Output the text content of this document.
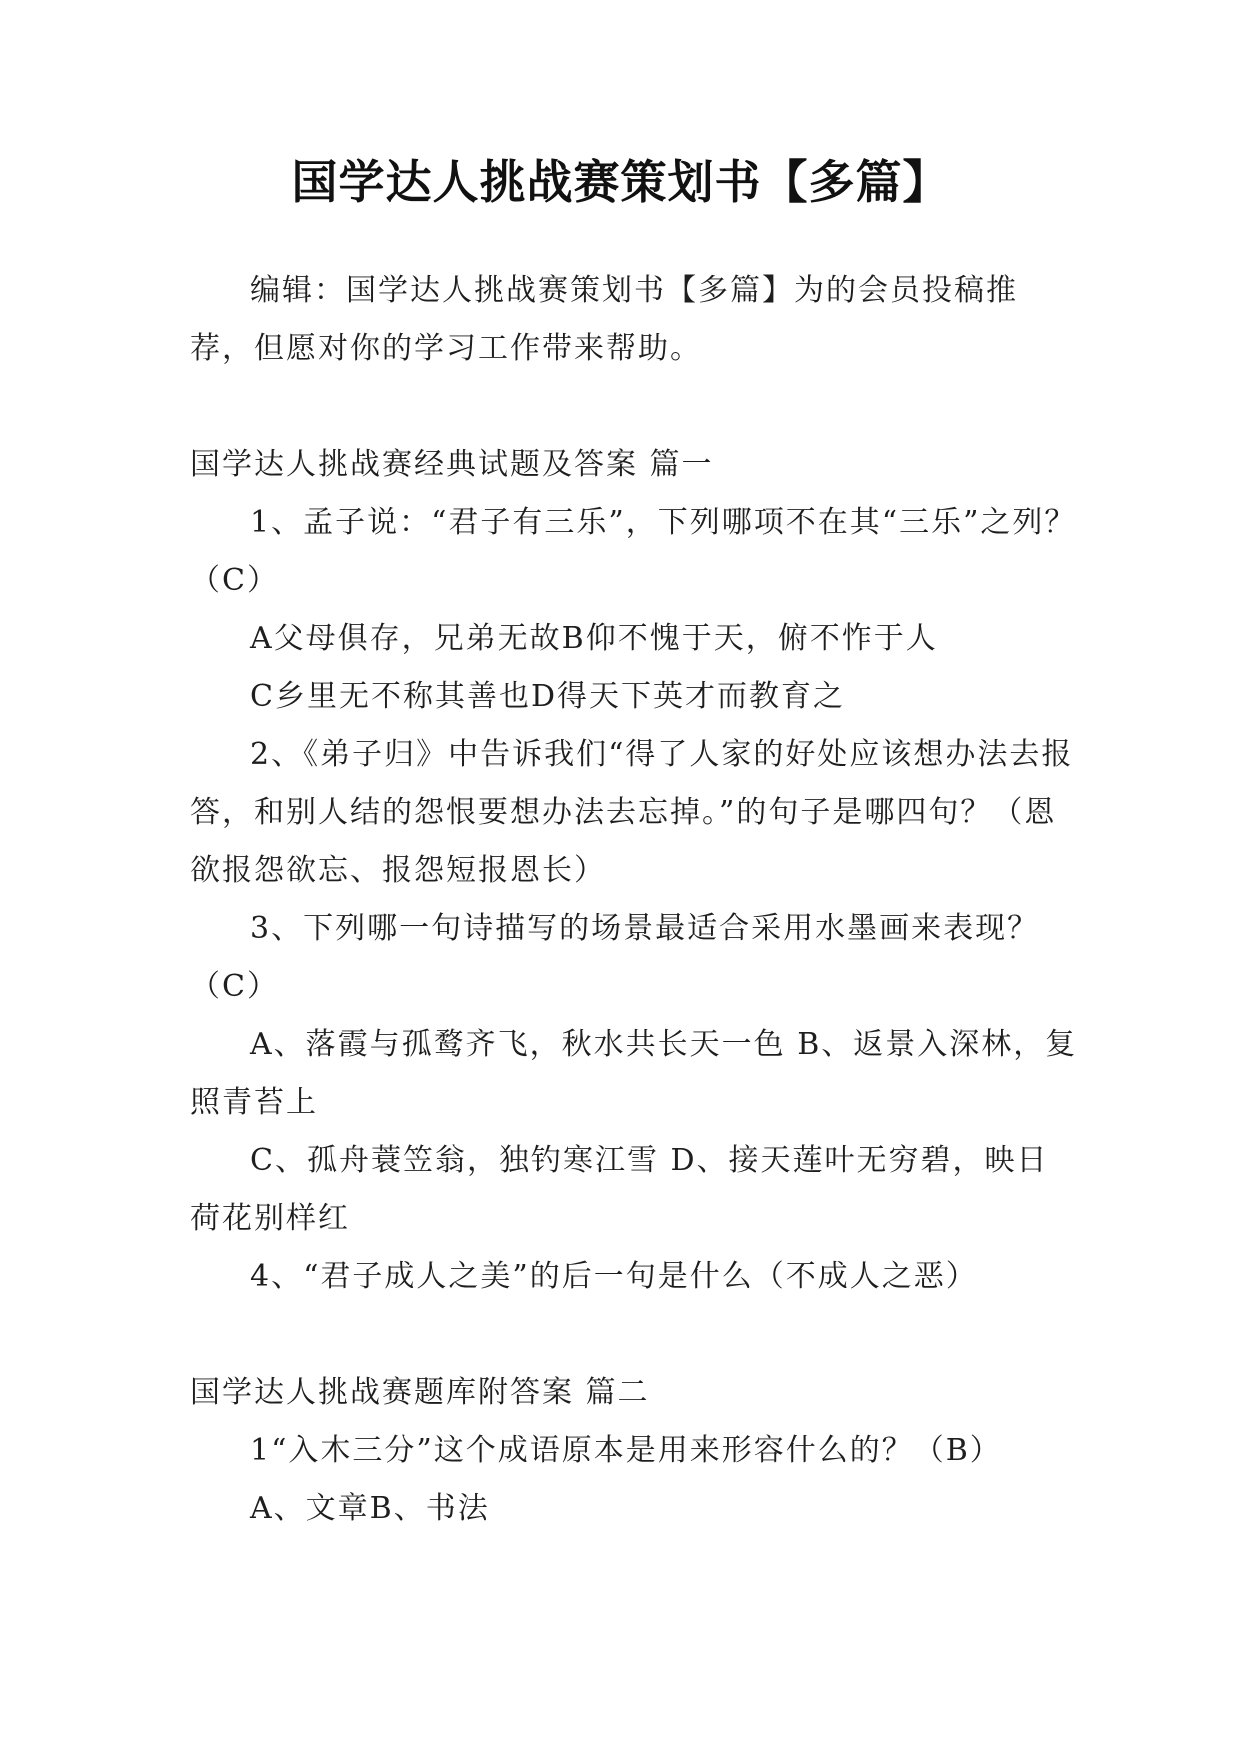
国学达人挑战赛策划书【多篇】

编辑：国学达人挑战赛策划书【多篇】为的会员投稿推荐，但愿对你的学习工作带来帮助。

国学达人挑战赛经典试题及答案 篇一

1、孟子说：“君子有三乐”，下列哪项不在其“三乐”之列？（C）

A父母俱存，兄弟无故B仰不愧于天，俯不怍于人

C乡里无不称其善也D得天下英才而教育之

2、《弟子归》中告诉我们“得了人家的好处应该想办法去报答，和别人结的怨恨要想办法去忘掉。”的句子是哪四句？（恩欲报怨欲忘、报怨短报恩长）

3、下列哪一句诗描写的场景最适合采用水墨画来表现？（C）

A、落霞与孤鹜齐飞，秋水共长天一色 B、返景入深林，复照青苔上

C、孤舟蓑笠翁，独钓寒江雪 D、接天莲叶无穷碧，映日荷花别样红

4、“君子成人之美”的后一句是什么（不成人之恶）

国学达人挑战赛题库附答案 篇二

1“入木三分”这个成语原本是用来形容什么的？（B）

A、文章B、书法
